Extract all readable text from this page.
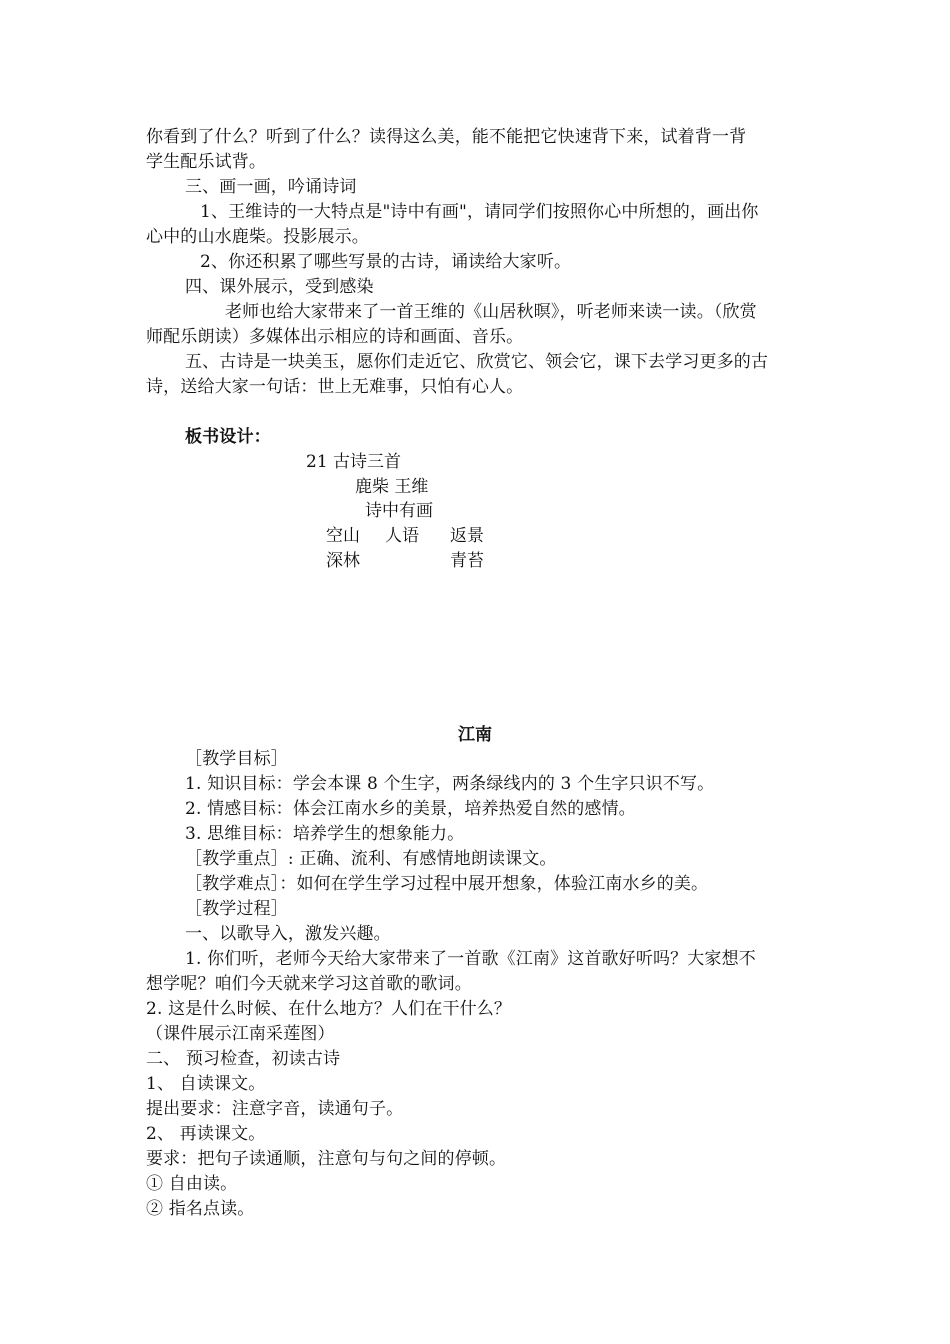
你看到了什么？听到了什么？读得这么美，能不能把它快速背下来，试着背一背
学生配乐试背。
三、画一画，吟诵诗词
1、王维诗的一大特点是"诗中有画"，请同学们按照你心中所想的，画出你
心中的山水鹿柴。投影展示。
2、你还积累了哪些写景的古诗，诵读给大家听。
四、课外展示，受到感染
老师也给大家带来了一首王维的《山居秋暝》，听老师来读一读。（欣赏
师配乐朗读）多媒体出示相应的诗和画面、音乐。
五、古诗是一块美玉，愿你们走近它、欣赏它、领会它，课下去学习更多的古
诗，送给大家一句话：世上无难事，只怕有心人。
板书设计：
21 古诗三首
鹿柴 王维
诗中有画
空山 人语 返景
深林	青苔
江南
［教学目标］
1. 知识目标：学会本课 8 个生字，两条绿线内的 3 个生字只识不写。
2. 情感目标：体会江南水乡的美景，培养热爱自然的感情。
3. 思维目标：培养学生的想象能力。
［教学重点］: 正确、流利、有感情地朗读课文。
［教学难点］：如何在学生学习过程中展开想象，体验江南水乡的美。
［教学过程］
一、以歌导入，激发兴趣。
1. 你们听，老师今天给大家带来了一首歌《江南》这首歌好听吗？大家想不
想学呢？咱们今天就来学习这首歌的歌词。
2. 这是什么时候、在什么地方？人们在干什么？
（课件展示江南采莲图）
二、 预习检查，初读古诗
1、 自读课文。
提出要求：注意字音，读通句子。
2、 再读课文。
要求：把句子读通顺，注意句与句之间的停顿。
① 自由读。
② 指名点读。
